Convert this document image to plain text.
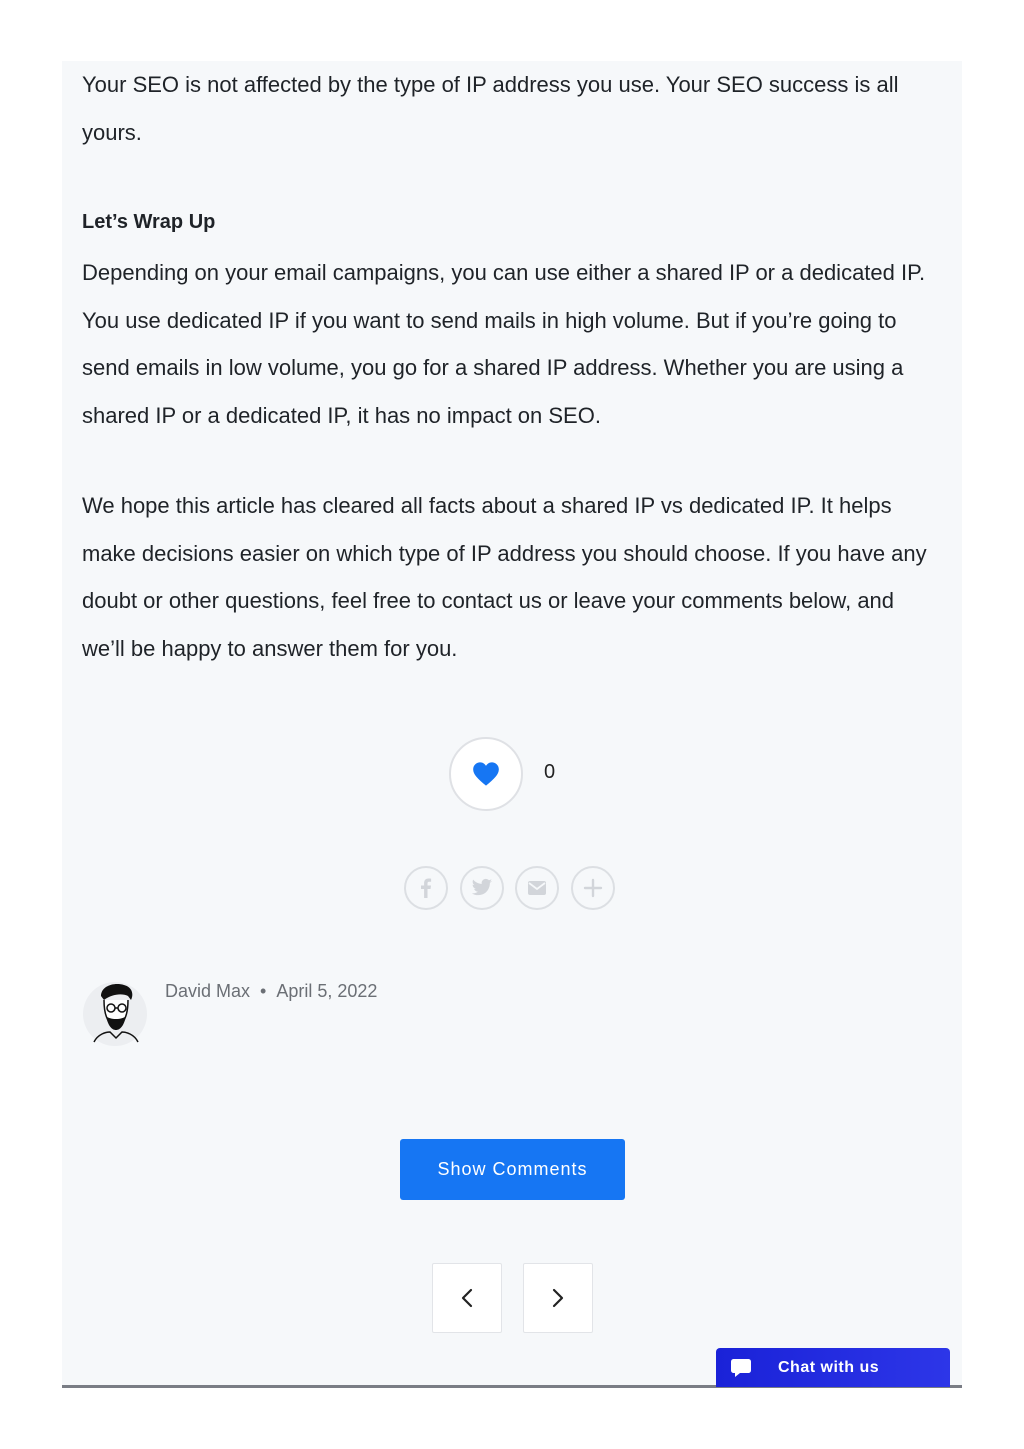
Your SEO is not affected by the type of IP address you use. Your SEO success is all yours.

Let’s Wrap Up

Depending on your email campaigns, you can use either a shared IP or a dedicated IP. You use dedicated IP if you want to send mails in high volume. But if you’re going to send emails in low volume, you go for a shared IP address. Whether you are using a shared IP or a dedicated IP, it has no impact on SEO.

We hope this article has cleared all facts about a shared IP vs dedicated IP. It helps make decisions easier on which type of IP address you should choose. If you have any doubt or other questions, feel free to contact us or leave your comments below, and we’ll be happy to answer them for you.

0
David Max • April 5, 2022
Show Comments
Chat with us
